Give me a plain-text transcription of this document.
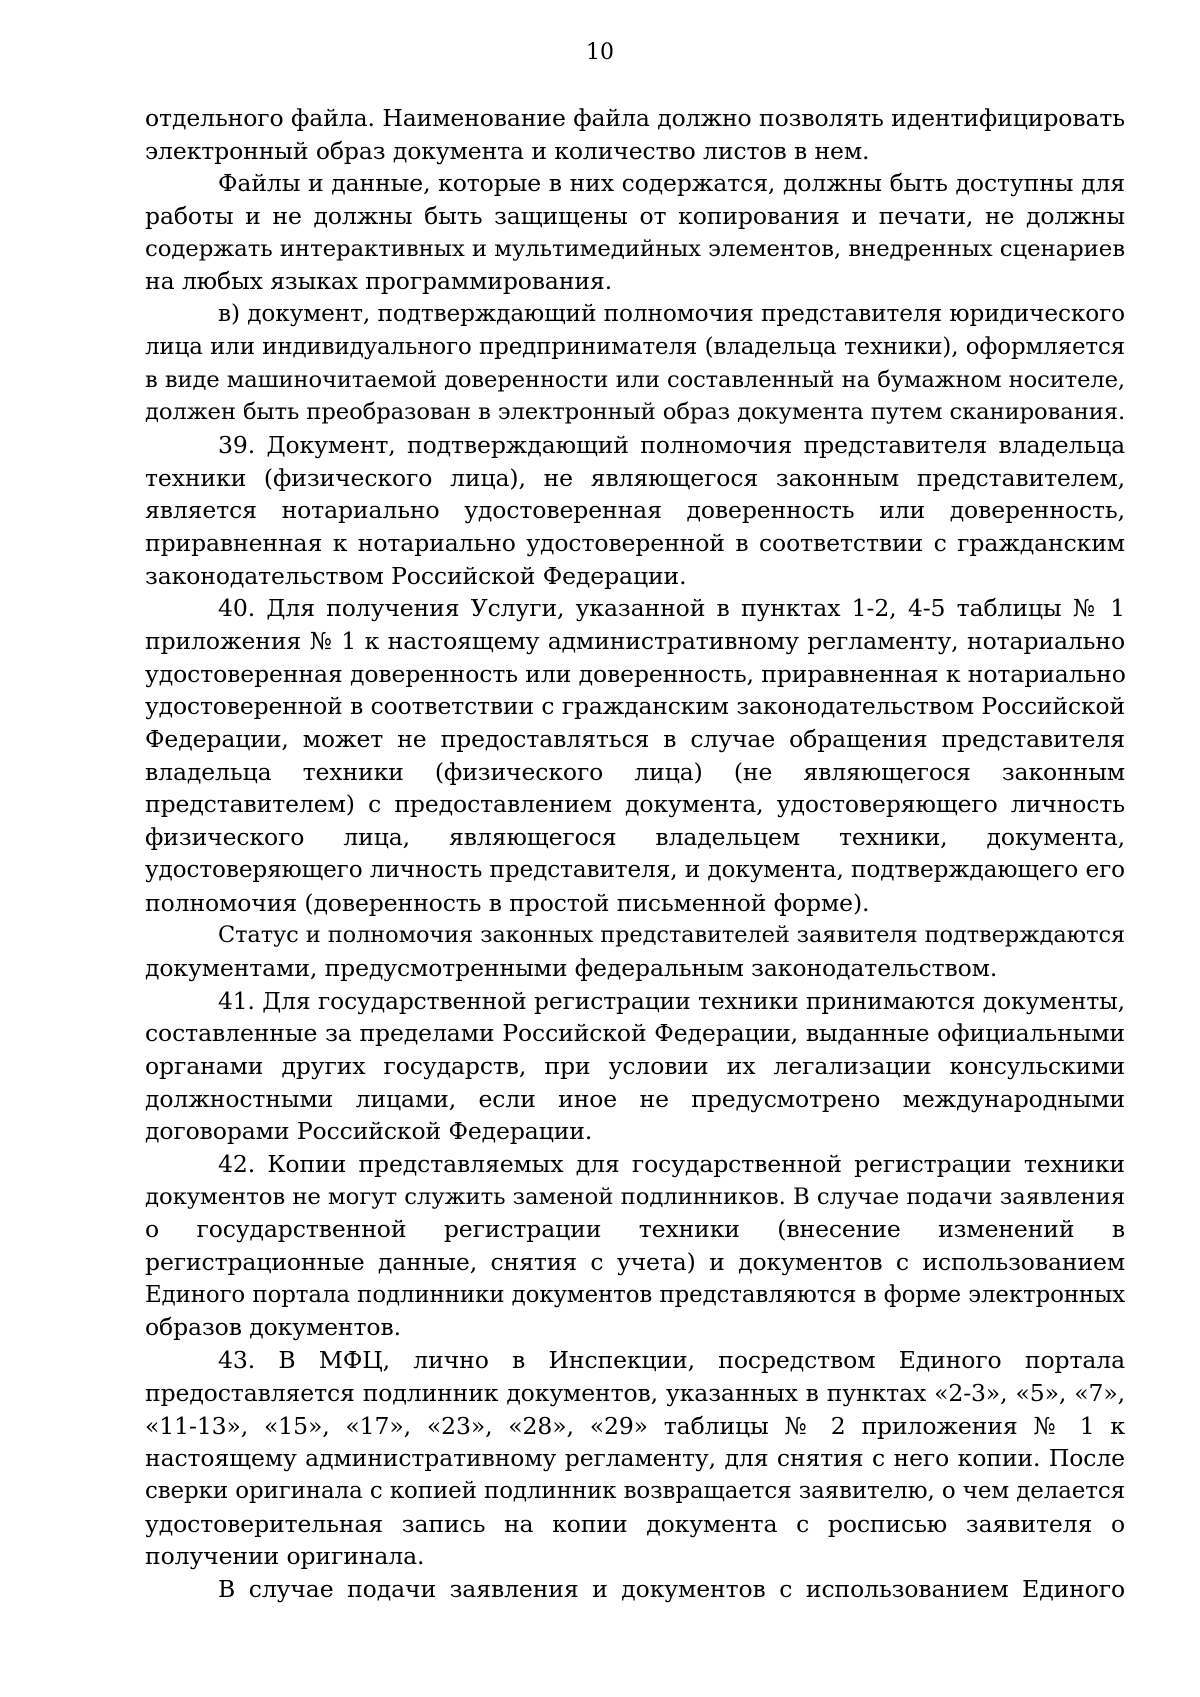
10
отдельного файла. Наименование файла должно позволять идентифицировать
электронный образ документа и количество листов в нем.
Файлы и данные, которые в них содержатся, должны быть доступны для
работы и не должны быть защищены от копирования и печати, не должны
содержать интерактивных и мультимедийных элементов, внедренных сценариев
на любых языках программирования.
в) документ, подтверждающий полномочия представителя юридического
лица или индивидуального предпринимателя (владельца техники), оформляется
в виде машиночитаемой доверенности или составленный на бумажном носителе,
должен быть преобразован в электронный образ документа путем сканирования.
39. Документ, подтверждающий полномочия представителя владельца
техники (физического лица), не являющегося законным представителем,
является нотариально удостоверенная доверенность или доверенность,
приравненная к нотариально удостоверенной в соответствии с гражданским
законодательством Российской Федерации.
40. Для получения Услуги, указанной в пунктах 1-2, 4-5 таблицы № 1
приложения № 1 к настоящему административному регламенту, нотариально
удостоверенная доверенность или доверенность, приравненная к нотариально
удостоверенной в соответствии с гражданским законодательством Российской
Федерации, может не предоставляться в случае обращения представителя
владельца техники (физического лица) (не являющегося законным
представителем) с предоставлением документа, удостоверяющего личность
физического лица, являющегося владельцем техники, документа,
удостоверяющего личность представителя, и документа, подтверждающего его
полномочия (доверенность в простой письменной форме).
Статус и полномочия законных представителей заявителя подтверждаются
документами, предусмотренными федеральным законодательством.
41. Для государственной регистрации техники принимаются документы,
составленные за пределами Российской Федерации, выданные официальными
органами других государств, при условии их легализации консульскими
должностными лицами, если иное не предусмотрено международными
договорами Российской Федерации.
42. Копии представляемых для государственной регистрации техники
документов не могут служить заменой подлинников. В случае подачи заявления
о государственной регистрации техники (внесение изменений в
регистрационные данные, снятия с учета) и документов с использованием
Единого портала подлинники документов представляются в форме электронных
образов документов.
43. В МФЦ, лично в Инспекции, посредством Единого портала
предоставляется подлинник документов, указанных в пунктах «2-3», «5», «7»,
«11-13», «15», «17», «23», «28», «29» таблицы № 2 приложения № 1 к
настоящему административному регламенту, для снятия с него копии. После
сверки оригинала с копией подлинник возвращается заявителю, о чем делается
удостоверительная запись на копии документа с росписью заявителя о
получении оригинала.
В случае подачи заявления и документов с использованием Единого
